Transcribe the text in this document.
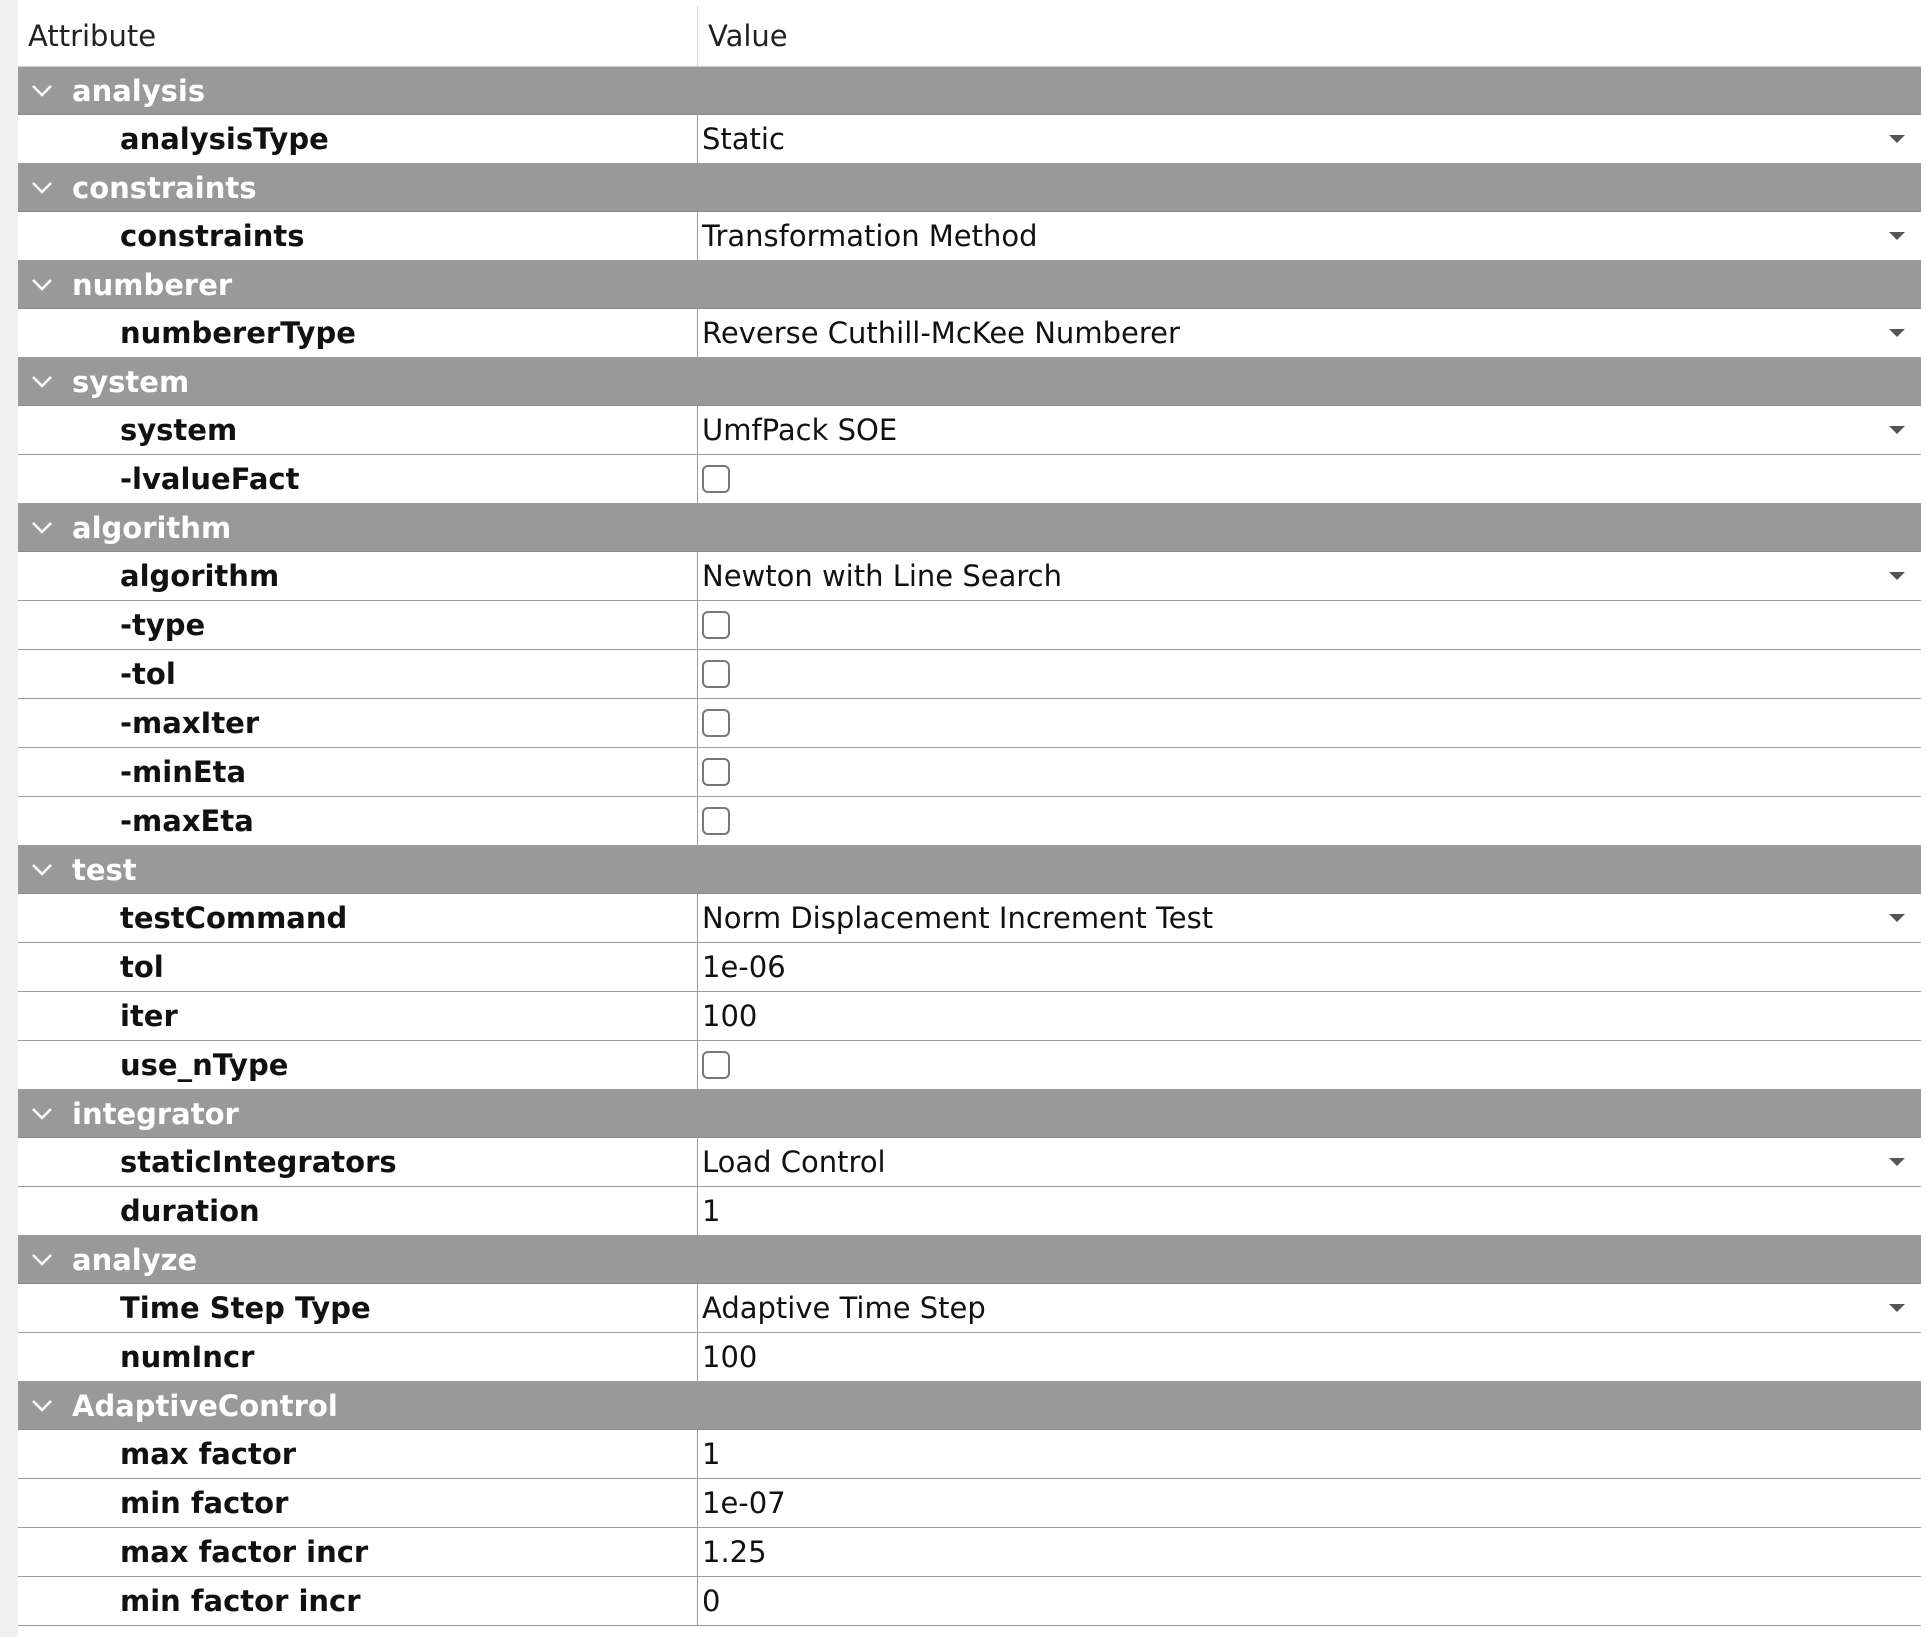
Attribute	Value
analysis
analysisType	Static
constraints
constraints	Transformation Method
numberer
numbererType	Reverse Cuthill-McKee Numberer
system
system	UmfPack SOE
-lvalueFact
algorithm
algorithm	Newton with Line Search
-type
-tol
-maxIter
-minEta
-maxEta
test
testCommand	Norm Displacement Increment Test
tol	1e-06
iter	100
use_nType
integrator
staticIntegrators	Load Control
duration	1
analyze
Time Step Type	Adaptive Time Step
numIncr	100
AdaptiveControl
max factor	1
min factor	1e-07
max factor incr	1.25
min factor incr	0
